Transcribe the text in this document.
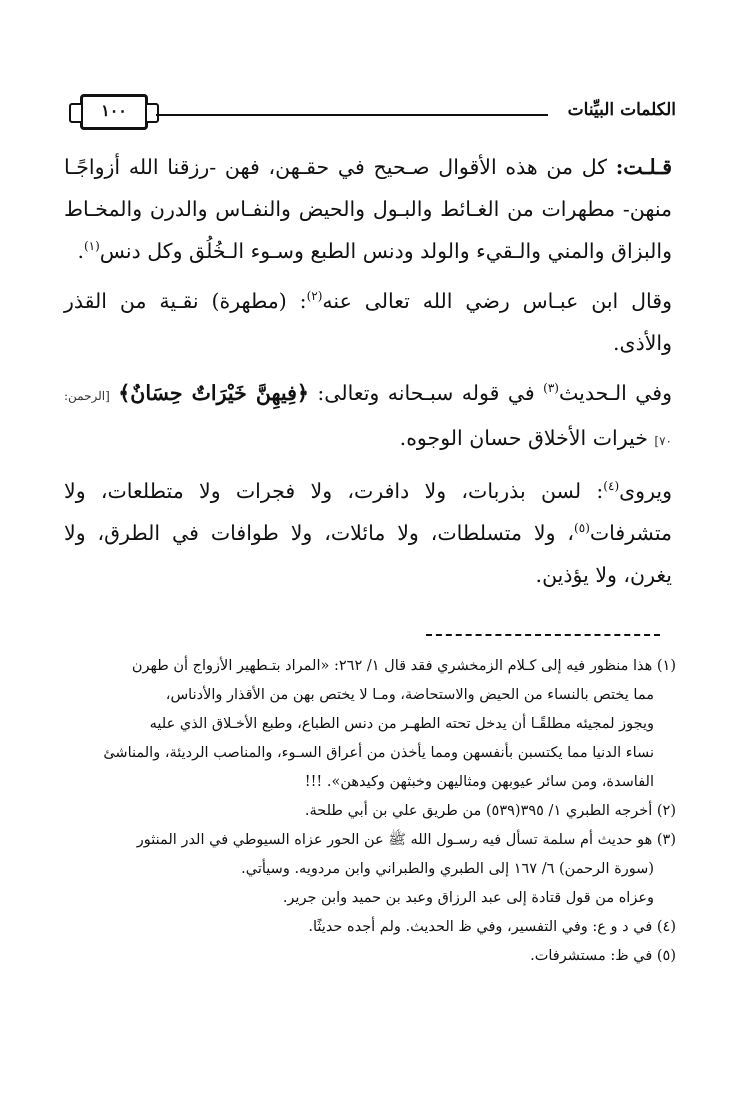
١٠٠	الكلمات البيِّنات

قـلـت: كل من هذه الأقوال صـحيح في حقـهن، فهن -رزقنا الله أزواجًـا منهن- مطهرات من الغـائط والبـول والحيض والنفـاس والدرن والمخـاط والبزاق والمني والـقيء والولد ودنس الطبع وسـوء الـخُلُق وكل دنس$^{(١)}$.

وقال ابن عبـاس رضي الله تعالى عنه$^{(٢)}$: (مطهرة) نقـية من القذر والأذى.

وفي الـحديث$^{(٣)}$ في قوله سبـحانه وتعالى: ﴿فِيهِنَّ خَيْرَاتٌ حِسَانٌ﴾ [الرحمن: ٧٠] خيرات الأخلاق حسان الوجوه.

ويروى$^{(٤)}$: لسن بذربات، ولا دافرت، ولا فجرات ولا متطلعات، ولا متشرفات$^{(٥)}$، ولا متسلطات، ولا مائلات، ولا طوافات في الطرق، ولا يغرن، ولا يؤذين.

(١) هذا منظور فيه إلى كـلام الزمخشري فقد قال ١/ ٢٦٢: «المراد بتـطهير الأزواج أن طهرن

مما يختص بالنساء من الحيض والاستحاضة، ومـا لا يختص بهن من الأقذار والأدناس،

ويجوز لمجيئه مطلقًـا أن يدخل تحته الطهـر من دنس الطباع، وطبع الأخـلاق الذي عليه

نساء الدنيا مما يكتسبن بأنفسهن ومما يأخذن من أعراق السـوء، والمناصب الرديئة، والمناشئ

الفاسدة، ومن سائر عيوبهن ومثاليهن وخبثهن وكيدهن». !!!

(٢) أخرجه الطبري ١/ ٣٩٥(٥٣٩) من طريق علي بن أبي طلحة.

(٣) هو حديث أم سلمة تسأل فيه رسـول الله ﷺ عن الحور عزاه السيوطي في الدر المنثور

(سورة الرحمن) ٦/ ١٦٧ إلى الطبري والطبراني وابن مردويه. وسيأتي.

وعزاه من قول قتادة إلى عبد الرزاق وعبد بن حميد وابن جرير.

(٤) في د و ع: وفي التفسير، وفي ظ الحديث. ولم أجده حديثًا.

(٥) في ظ: مستشرفات.
